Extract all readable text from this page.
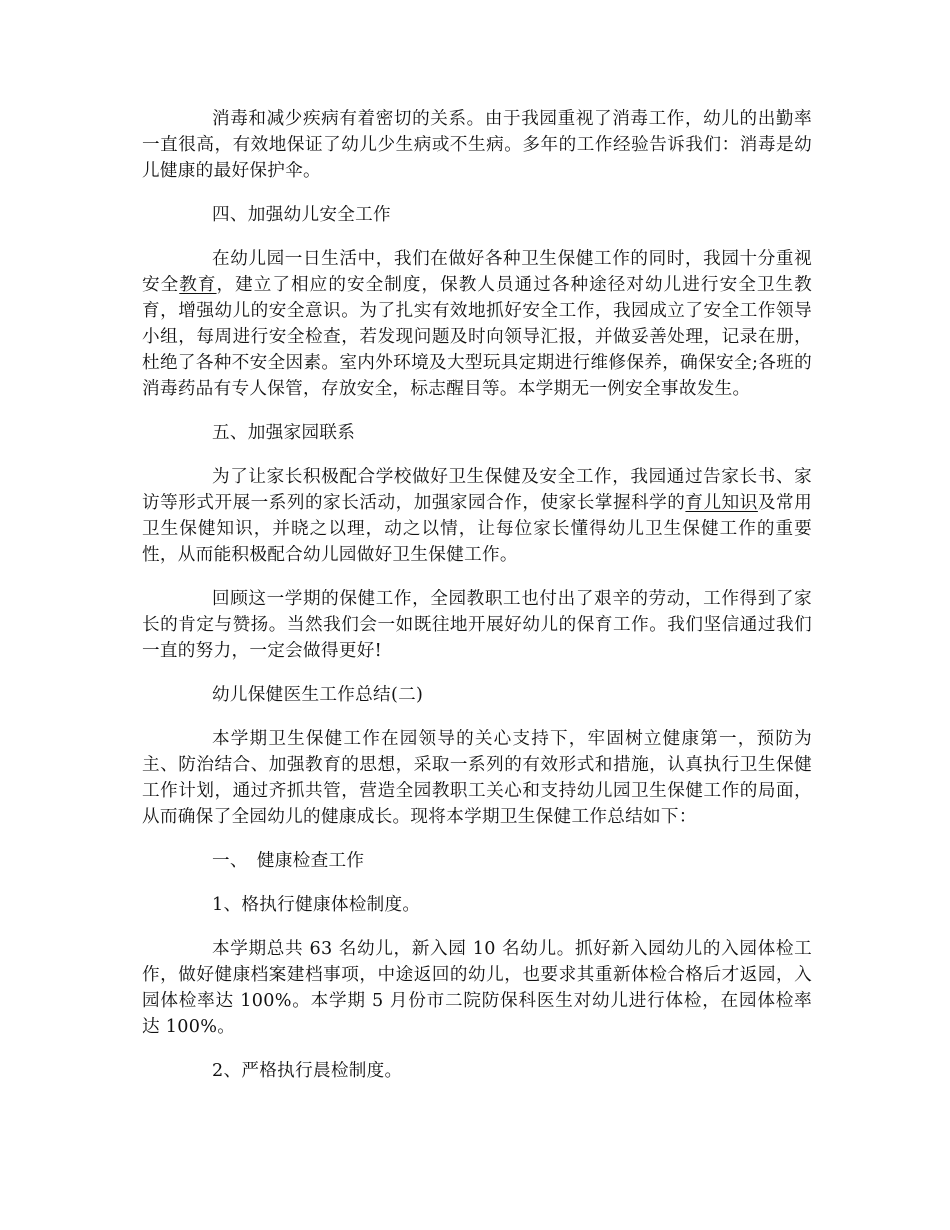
消毒和减少疾病有着密切的关系。由于我园重视了消毒工作，幼儿的出勤率一直很高，有效地保证了幼儿少生病或不生病。多年的工作经验告诉我们：消毒是幼儿健康的最好保护伞。

四、加强幼儿安全工作

在幼儿园一日生活中，我们在做好各种卫生保健工作的同时，我园十分重视安全教育，建立了相应的安全制度，保教人员通过各种途径对幼儿进行安全卫生教育，增强幼儿的安全意识。为了扎实有效地抓好安全工作，我园成立了安全工作领导小组，每周进行安全检查，若发现问题及时向领导汇报，并做妥善处理，记录在册，杜绝了各种不安全因素。室内外环境及大型玩具定期进行维修保养，确保安全;各班的消毒药品有专人保管，存放安全，标志醒目等。本学期无一例安全事故发生。

五、加强家园联系

为了让家长积极配合学校做好卫生保健及安全工作，我园通过告家长书、家访等形式开展一系列的家长活动，加强家园合作，使家长掌握科学的育儿知识及常用卫生保健知识，并晓之以理，动之以情，让每位家长懂得幼儿卫生保健工作的重要性，从而能积极配合幼儿园做好卫生保健工作。

回顾这一学期的保健工作，全园教职工也付出了艰辛的劳动，工作得到了家长的肯定与赞扬。当然我们会一如既往地开展好幼儿的保育工作。我们坚信通过我们一直的努力，一定会做得更好!

幼儿保健医生工作总结(二)

本学期卫生保健工作在园领导的关心支持下，牢固树立健康第一，预防为主、防治结合、加强教育的思想，采取一系列的有效形式和措施，认真执行卫生保健工作计划，通过齐抓共管，营造全园教职工关心和支持幼儿园卫生保健工作的局面，从而确保了全园幼儿的健康成长。现将本学期卫生保健工作总结如下：

一、　健康检查工作

1、格执行健康体检制度。

本学期总共 63 名幼儿，新入园 10 名幼儿。抓好新入园幼儿的入园体检工作，做好健康档案建档事项，中途返回的幼儿，也要求其重新体检合格后才返园，入园体检率达 100%。本学期 5 月份市二院防保科医生对幼儿进行体检，在园体检率达 100%。

2、严格执行晨检制度。
